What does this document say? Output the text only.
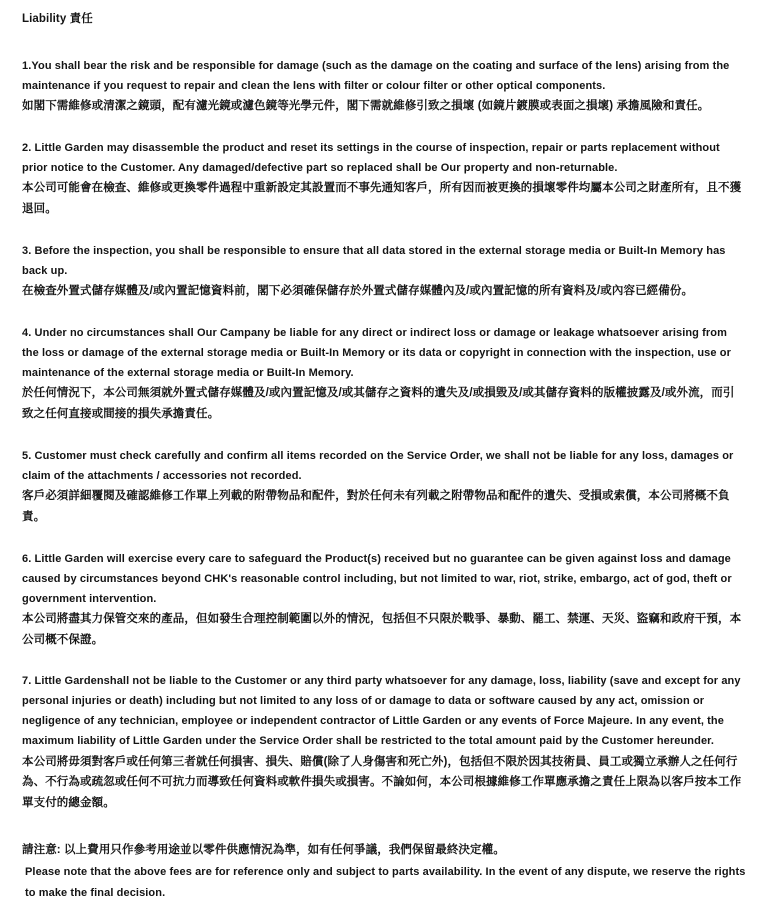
Liability 責任

1.You shall bear the risk and be responsible for damage (such as the damage on the coating and surface of the lens) arising from the maintenance if you request to repair and clean the lens with filter or colour filter or other optical components.

如閣下需維修或清潔之鏡頭，配有濾光鏡或濾色鏡等光學元件，閣下需就維修引致之損壞 (如鏡片鍍膜或表面之損壞) 承擔風險和責任。

2. Little Garden may disassemble the product and reset its settings in the course of inspection, repair or parts replacement without prior notice to the Customer. Any damaged/defective part so replaced shall be Our property and non-returnable.

本公司可能會在檢查、維修或更換零件過程中重新設定其設置而不事先通知客戶，所有因而被更換的損壞零件均屬本公司之財產所有，且不獲退回。

3. Before the inspection, you shall be responsible to ensure that all data stored in the external storage media or Built-In Memory has back up.

在檢查外置式儲存媒體及/或內置記憶資料前，閣下必須確保儲存於外置式儲存媒體內及/或內置記憶的所有資料及/或內容已經備份。

4. Under no circumstances shall Our Campany be liable for any direct or indirect loss or damage or leakage whatsoever arising from the loss or damage of the external storage media or Built-In Memory or its data or copyright in connection with the inspection, use or maintenance of the external storage media or Built-In Memory.

於任何情況下，本公司無須就外置式儲存媒體及/或內置記憶及/或其儲存之資料的遺失及/或損毀及/或其儲存資料的版權披露及/或外流，而引致之任何直接或間接的損失承擔責任。

5. Customer must check carefully and confirm all items recorded on the Service Order, we shall not be liable for any loss, damages or claim of the attachments / accessories not recorded.

客戶必須詳細覆閱及確認維修工作單上列載的附帶物品和配件，對於任何未有列載之附帶物品和配件的遺失、受損或索償，本公司將概不負責。

6. Little Garden will exercise every care to safeguard the Product(s) received but no guarantee can be given against loss and damage caused by circumstances beyond CHK's reasonable control including, but not limited to war, riot, strike, embargo, act of god, theft or government intervention.

本公司將盡其力保管交來的產品，但如發生合理控制範圍以外的情況，包括但不只限於戰爭、暴動、罷工、禁運、天災、盜竊和政府干預，本公司概不保證。

7. Little Gardenshall not be liable to the Customer or any third party whatsoever for any damage, loss, liability (save and except for any personal injuries or death) including but not limited to any loss of or damage to data or software caused by any act, omission or negligence of any technician, employee or independent contractor of Little Garden or any events of Force Majeure. In any event, the maximum liability of Little Garden under the Service Order shall be restricted to the total amount paid by the Customer hereunder.

本公司將毋須對客戶或任何第三者就任何損害、損失、賠償(除了人身傷害和死亡外)，包括但不限於因其技術員、員工或獨立承辦人之任何行為、不行為或疏忽或任何不可抗力而導致任何資料或軟件損失或損害。不論如何，本公司根據維修工作單應承擔之責任上限為以客戶按本工作單支付的總金額。

請注意: 以上費用只作參考用途並以零件供應情況為準，如有任何爭議，我們保留最終決定權。

Please note that the above fees are for reference only and subject to parts availability. In the event of any dispute, we reserve the rights to make the final decision.
